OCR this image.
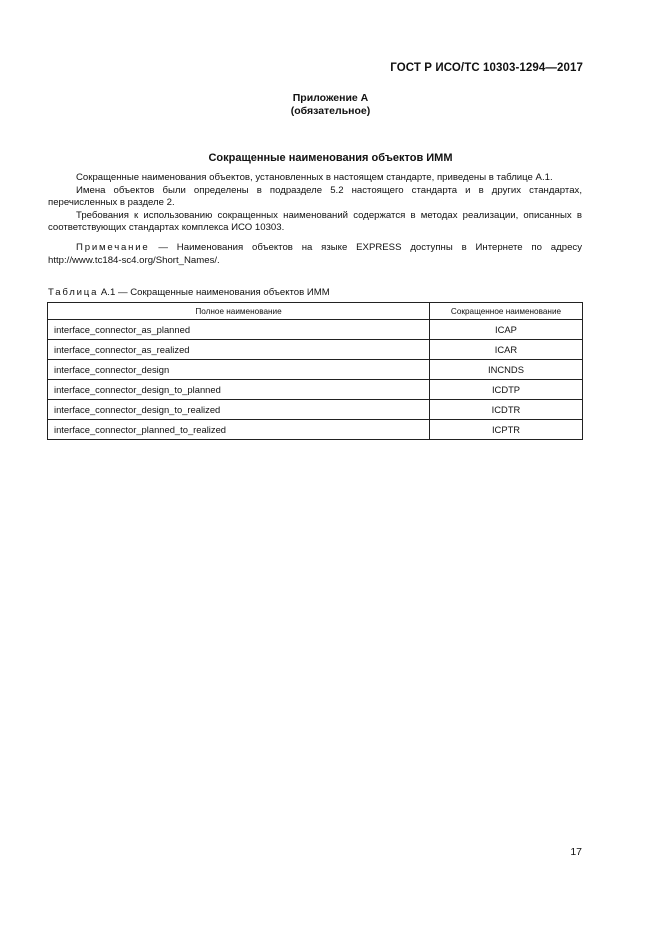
ГОСТ Р ИСО/ТС 10303-1294—2017
Приложение А
(обязательное)
Сокращенные наименования объектов ИММ

Сокращенные наименования объектов, установленных в настоящем стандарте, приведены в таблице А.1.

Имена объектов были определены в подразделе 5.2 настоящего стандарта и в других стандартах, перечисленных в разделе 2.

Требования к использованию сокращенных наименований содержатся в методах реализации, описанных в соответствующих стандартах комплекса ИСО 10303.

Примечание — Наименования объектов на языке EXPRESS доступны в Интернете по адресу http://www.tc184-sc4.org/Short_Names/.

Таблица А.1 — Сокращенные наименования объектов ИММ
Полное наименование	Сокращенное наименование
interface_connector_as_planned	ICAP
interface_connector_as_realized	ICAR
interface_connector_design	INCNDS
interface_connector_design_to_planned	ICDTP
interface_connector_design_to_realized	ICDTR
interface_connector_planned_to_realized	ICPTR
17
